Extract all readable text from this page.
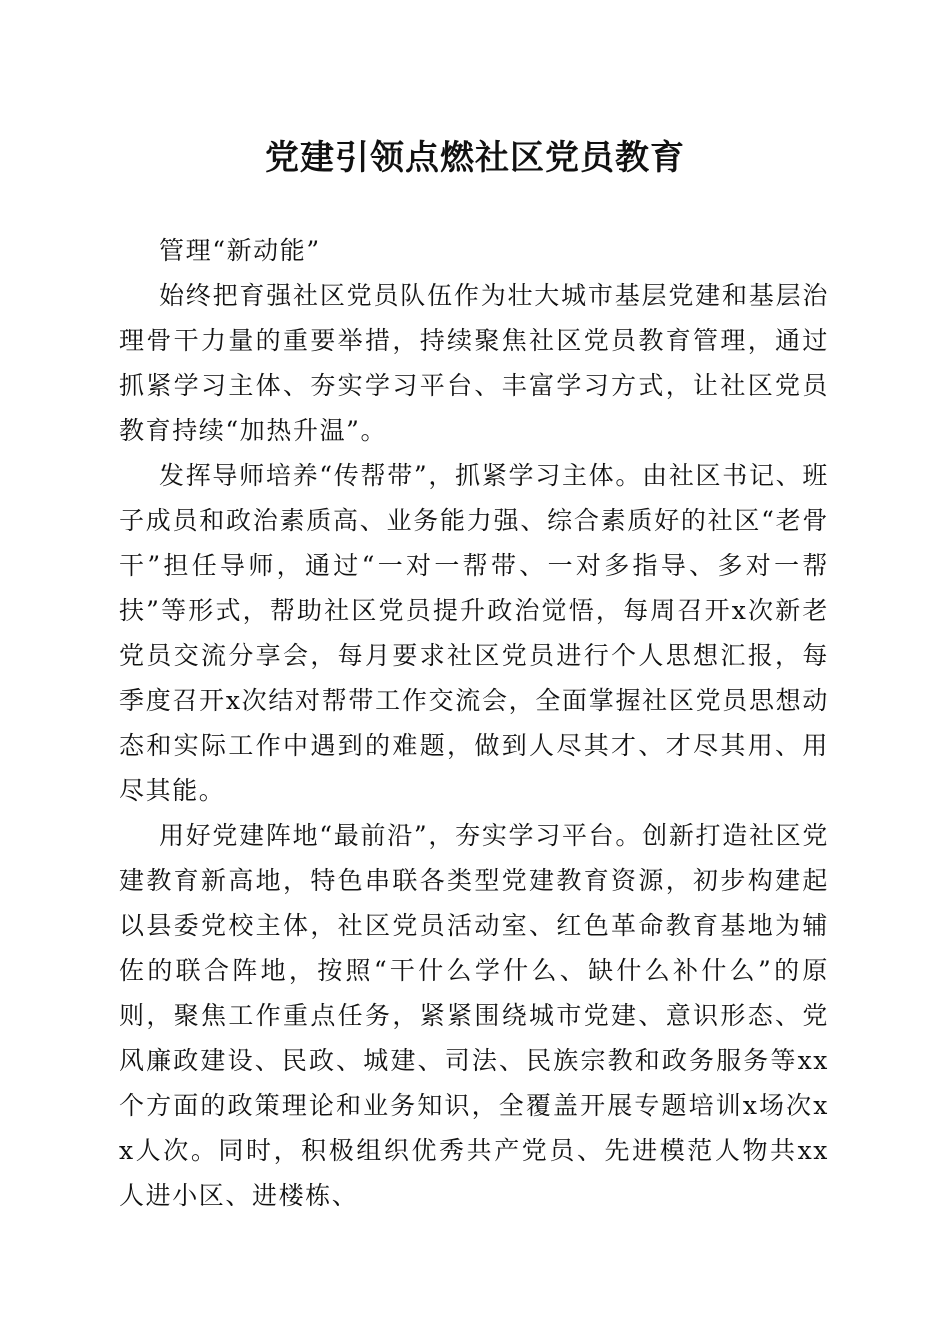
党建引领点燃社区党员教育

管理“新动能”

始终把育强社区党员队伍作为壮大城市基层党建和基层治理骨干力量的重要举措，持续聚焦社区党员教育管理，通过抓紧学习主体、夯实学习平台、丰富学习方式，让社区党员教育持续“加热升温”。

发挥导师培养“传帮带”，抓紧学习主体。由社区书记、班子成员和政治素质高、业务能力强、综合素质好的社区“老骨干”担任导师，通过“一对一帮带、一对多指导、多对一帮扶”等形式，帮助社区党员提升政治觉悟，每周召开x次新老党员交流分享会，每月要求社区党员进行个人思想汇报，每季度召开x次结对帮带工作交流会，全面掌握社区党员思想动态和实际工作中遇到的难题，做到人尽其才、才尽其用、用尽其能。

用好党建阵地“最前沿”，夯实学习平台。创新打造社区党建教育新高地，特色串联各类型党建教育资源，初步构建起以县委党校主体，社区党员活动室、红色革命教育基地为辅佐的联合阵地，按照“干什么学什么、缺什么补什么”的原则，聚焦工作重点任务，紧紧围绕城市党建、意识形态、党风廉政建设、民政、城建、司法、民族宗教和政务服务等xx个方面的政策理论和业务知识，全覆盖开展专题培训x场次xx人次。同时，积极组织优秀共产党员、先进模范人物共xx人进小区、进楼栋、
